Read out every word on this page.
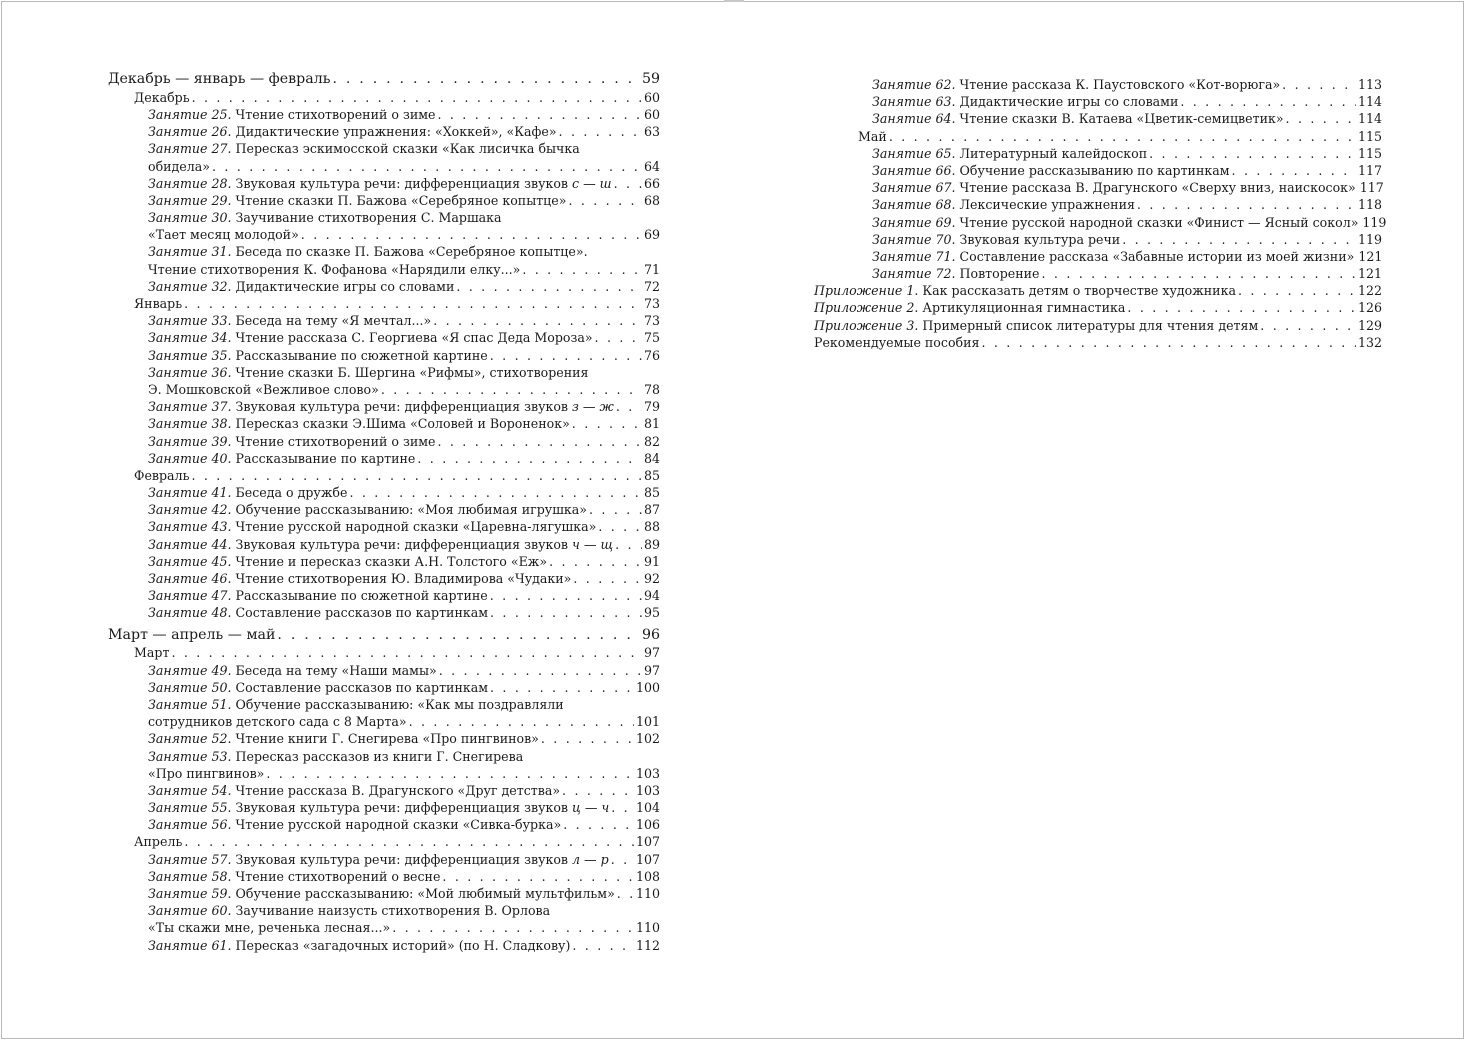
Декабрь — январь — февраль . . .	59
Декабрь . . .	60
Занятие 25. Чтение стихотворений о зиме . . .	60
Занятие 26. Дидактические упражнения: «Хоккей», «Кафе» . . .	63
Занятие 27. Пересказ эскимосской сказки «Как лисичка бычка
обидела» . . .	64
Занятие 28. Звуковая культура речи: дифференциация звуков с — ш . . .	66
Занятие 29. Чтение сказки П. Бажова «Серебряное копытце» . . .	68
Занятие 30. Заучивание стихотворения С. Маршака
«Тает месяц молодой» . . .	69
Занятие 31. Беседа по сказке П. Бажова «Серебряное копытце».
Чтение стихотворения К. Фофанова «Нарядили елку...» . . .	71
Занятие 32. Дидактические игры со словами . . .	72
Январь . . .	73
Занятие 33. Беседа на тему «Я мечтал...» . . .	73
Занятие 34. Чтение рассказа С. Георгиева «Я спас Деда Мороза» . . .	75
Занятие 35. Рассказывание по сюжетной картине . . .	76
Занятие 36. Чтение сказки Б. Шергина «Рифмы», стихотворения
Э. Мошковской «Вежливое слово» . . .	78
Занятие 37. Звуковая культура речи: дифференциация звуков з — ж . . . 79
Занятие 38. Пересказ сказки Э.Шима «Соловей и Вороненок» . . .	81
Занятие 39. Чтение стихотворений о зиме . . .	82
Занятие 40. Рассказывание по картине . . .	84
Февраль . . .	85
Занятие 41. Беседа о дружбе . . .	85
Занятие 42. Обучение рассказыванию: «Моя любимая игрушка» . . .	87
Занятие 43. Чтение русской народной сказки «Царевна-лягушка» . . .	88
Занятие 44. Звуковая культура речи: дифференциация звуков ч — щ . . . 89
Занятие 45. Чтение и пересказ сказки А.Н. Толстого «Еж» . . .	91
Занятие 46. Чтение стихотворения Ю. Владимирова «Чудаки» . . .	92
Занятие 47. Рассказывание по сюжетной картине . . .	94
Занятие 48. Составление рассказов по картинкам . . .	95
Март — апрель — май . . .	96
Март . . .	97
Занятие 49. Беседа на тему «Наши мамы» . . .	97
Занятие 50. Составление рассказов по картинкам . . .	100
Занятие 51. Обучение рассказыванию: «Как мы поздравляли
сотрудников детского сада с 8 Марта» . . .	101
Занятие 52. Чтение книги Г. Снегирева «Про пингвинов» . . .	102
Занятие 53. Пересказ рассказов из книги Г. Снегирева
«Про пингвинов» . . .	103
Занятие 54. Чтение рассказа В. Драгунского «Друг детства» . . .	103
Занятие 55. Звуковая культура речи: дифференциация звуков ц — ч . . . 104
Занятие 56. Чтение русской народной сказки «Сивка-бурка» . . .	106
Апрель . . .	107
Занятие 57. Звуковая культура речи: дифференциация звуков л — р . . . 107
Занятие 58. Чтение стихотворений о весне . . .	108
Занятие 59. Обучение рассказыванию: «Мой любимый мультфильм» . . . 110
Занятие 60. Заучивание наизусть стихотворения В. Орлова
«Ты скажи мне, реченька лесная...» . . .	110
Занятие 61. Пересказ «загадочных историй» (по Н. Сладкову) . . .	112
Занятие 62. Чтение рассказа К. Паустовского «Кот-ворюга» . . .	113
Занятие 63. Дидактические игры со словами . . .	114
Занятие 64. Чтение сказки В. Катаева «Цветик-семицветик» . . .	114
Май . . .	115
Занятие 65. Литературный калейдоскоп . . .	115
Занятие 66. Обучение рассказыванию по картинкам . . .	117
Занятие 67. Чтение рассказа В. Драгунского «Сверху вниз, наискосок» 117
Занятие 68. Лексические упражнения . . .	118
Занятие 69. Чтение русской народной сказки «Финист — Ясный сокол» 119
Занятие 70. Звуковая культура речи . . .	119
Занятие 71. Составление рассказа «Забавные истории из моей жизни» 121
Занятие 72. Повторение . . .	121
Приложение 1. Как рассказать детям о творчестве художника . . .	122
Приложение 2. Артикуляционная гимнастика . . .	126
Приложение 3. Примерный список литературы для чтения детям . . .	129
Рекомендуемые пособия . . .	132
